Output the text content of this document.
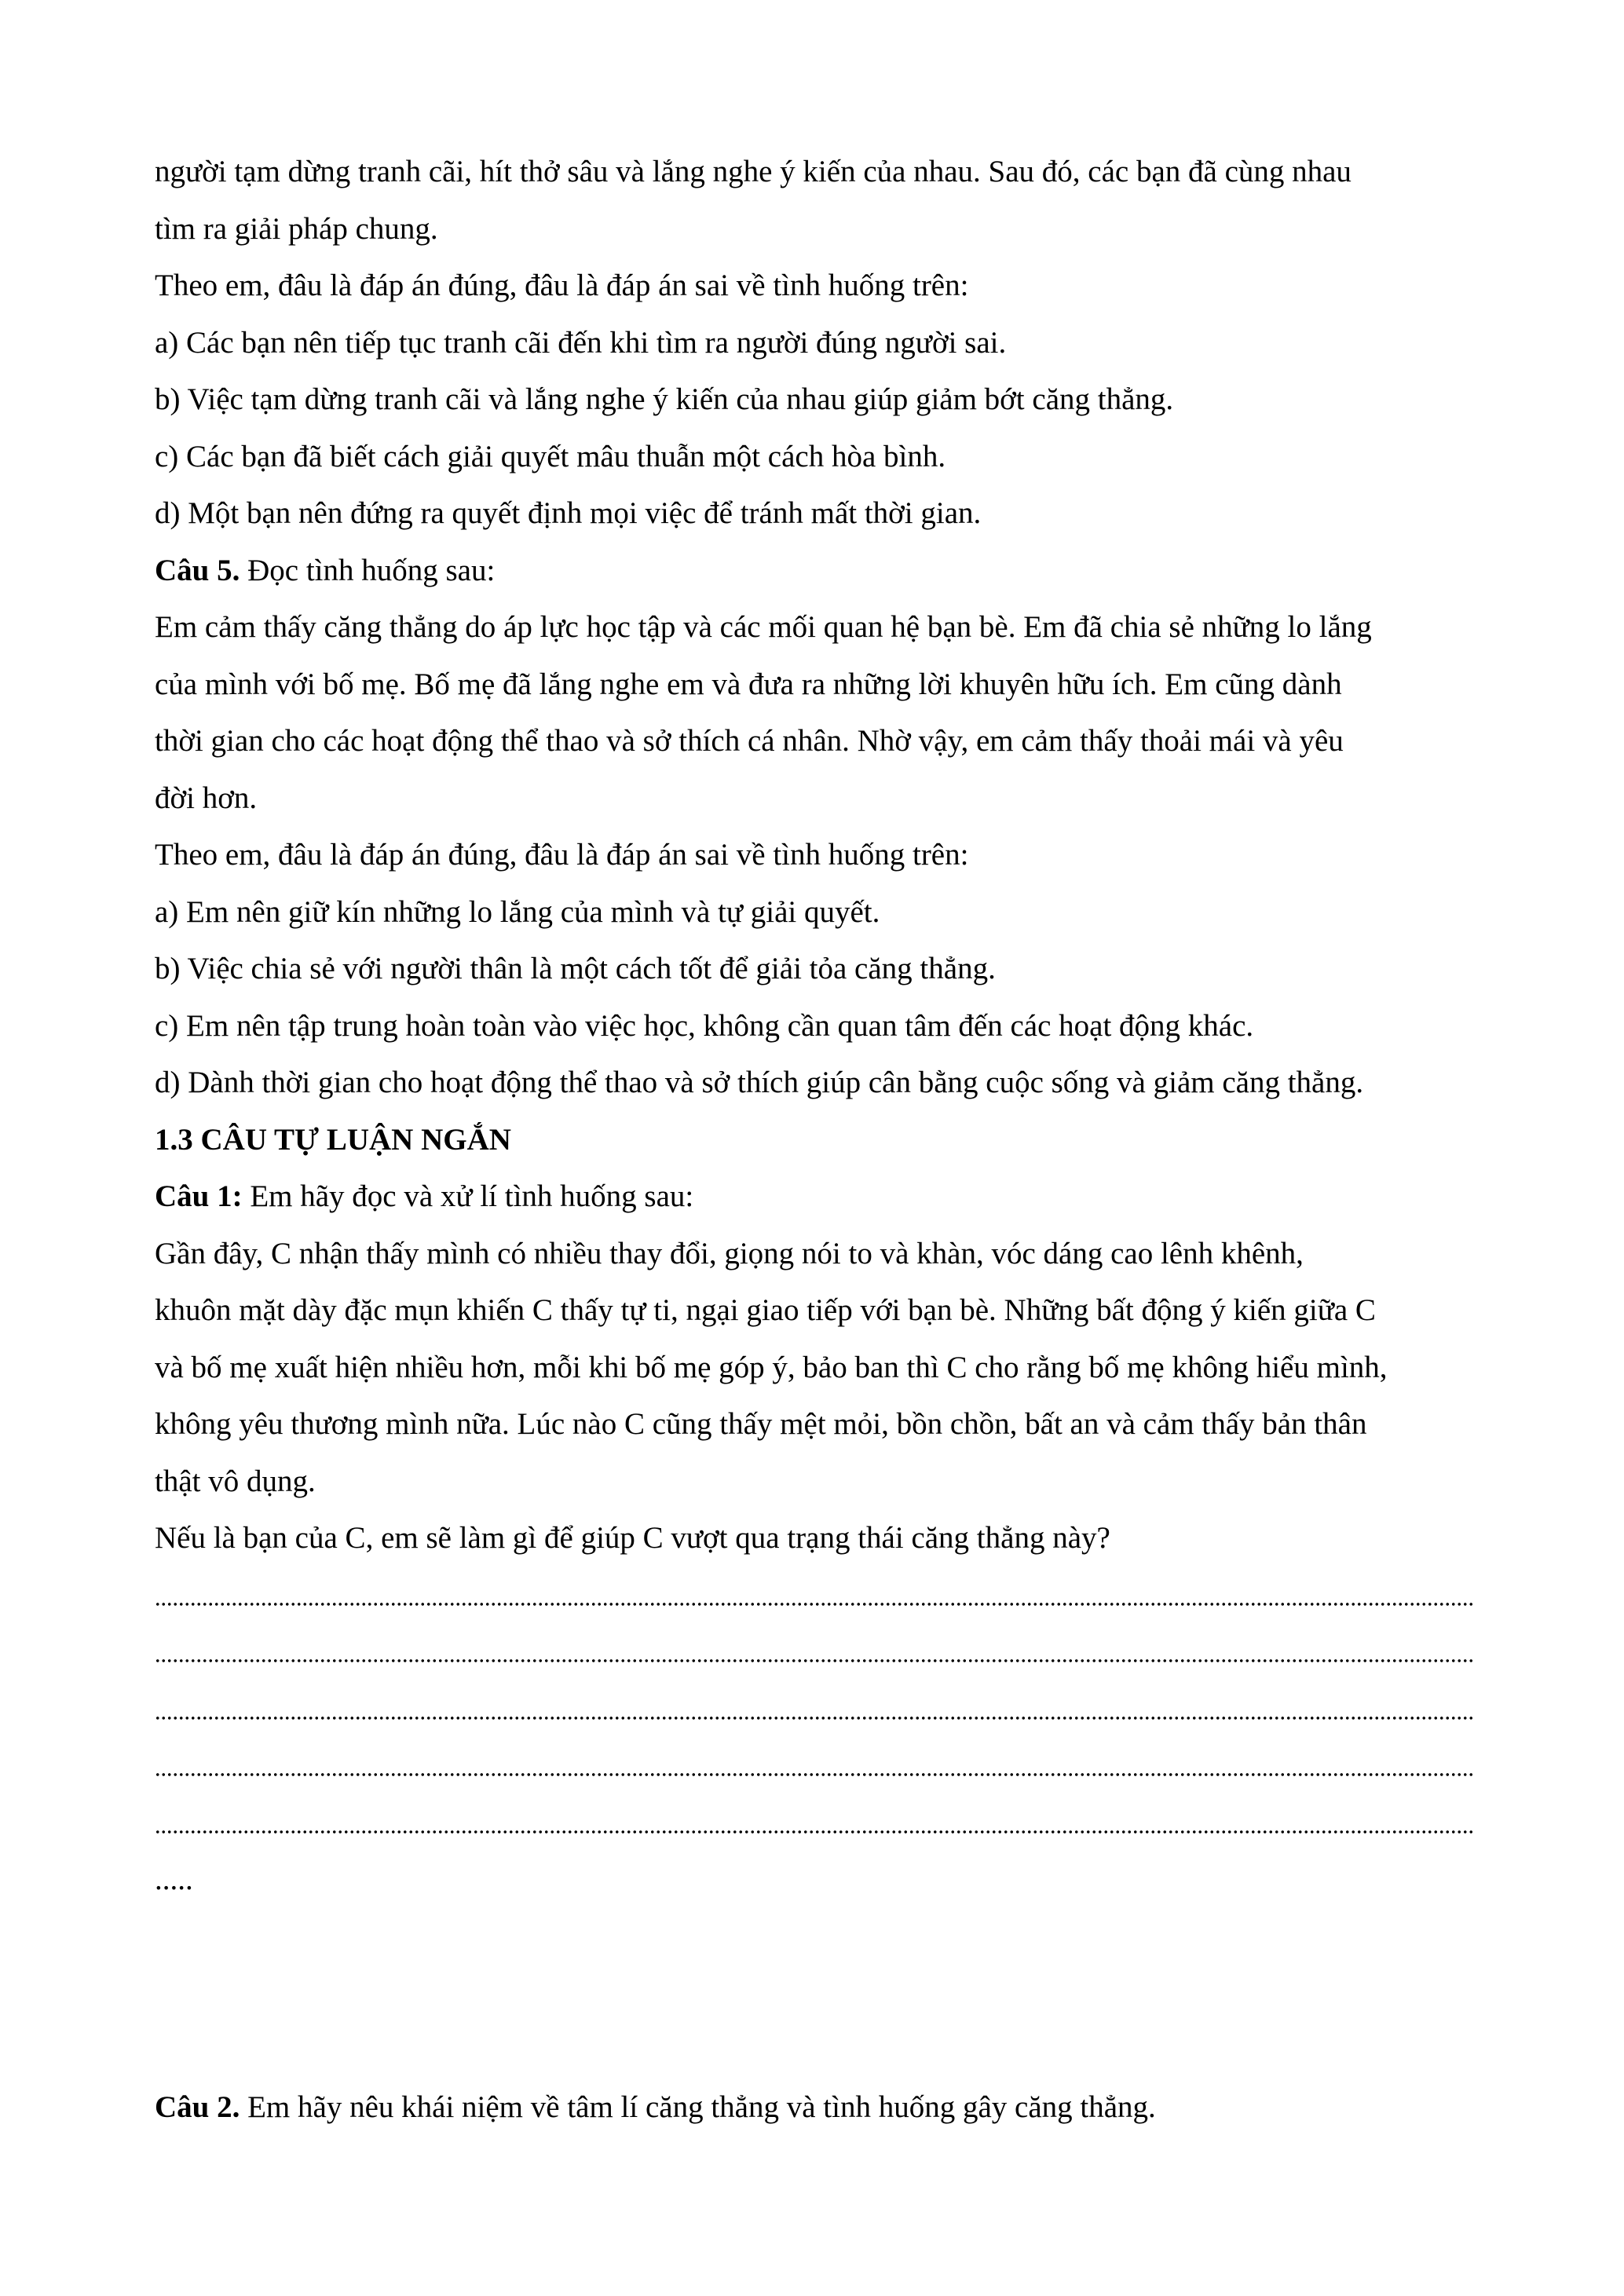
người tạm dừng tranh cãi, hít thở sâu và lắng nghe ý kiến của nhau. Sau đó, các bạn đã cùng nhau
tìm ra giải pháp chung.
Theo em, đâu là đáp án đúng, đâu là đáp án sai về tình huống trên:
a) Các bạn nên tiếp tục tranh cãi đến khi tìm ra người đúng người sai.
b) Việc tạm dừng tranh cãi và lắng nghe ý kiến của nhau giúp giảm bớt căng thẳng.
c) Các bạn đã biết cách giải quyết mâu thuẫn một cách hòa bình.
d) Một bạn nên đứng ra quyết định mọi việc để tránh mất thời gian.
Câu 5. Đọc tình huống sau:
Em cảm thấy căng thẳng do áp lực học tập và các mối quan hệ bạn bè. Em đã chia sẻ những lo lắng
của mình với bố mẹ. Bố mẹ đã lắng nghe em và đưa ra những lời khuyên hữu ích. Em cũng dành
thời gian cho các hoạt động thể thao và sở thích cá nhân. Nhờ vậy, em cảm thấy thoải mái và yêu
đời hơn.
Theo em, đâu là đáp án đúng, đâu là đáp án sai về tình huống trên:
a) Em nên giữ kín những lo lắng của mình và tự giải quyết.
b) Việc chia sẻ với người thân là một cách tốt để giải tỏa căng thẳng.
c) Em nên tập trung hoàn toàn vào việc học, không cần quan tâm đến các hoạt động khác.
d) Dành thời gian cho hoạt động thể thao và sở thích giúp cân bằng cuộc sống và giảm căng thẳng.
1.3 CÂU TỰ LUẬN NGẮN
Câu 1: Em hãy đọc và xử lí tình huống sau:
Gần đây, C nhận thấy mình có nhiều thay đổi, giọng nói to và khàn, vóc dáng cao lênh khênh,
khuôn mặt dày đặc mụn khiến C thấy tự ti, ngại giao tiếp với bạn bè. Những bất động ý kiến giữa C
và bố mẹ xuất hiện nhiều hơn, mỗi khi bố mẹ góp ý, bảo ban thì C cho rằng bố mẹ không hiểu mình,
không yêu thương mình nữa. Lúc nào C cũng thấy mệt mỏi, bồn chồn, bất an và cảm thấy bản thân
thật vô dụng.
Nếu là bạn của C, em sẽ làm gì để giúp C vượt qua trạng thái căng thẳng này?
.....
Câu 2. Em hãy nêu khái niệm về tâm lí căng thẳng và tình huống gây căng thẳng.
